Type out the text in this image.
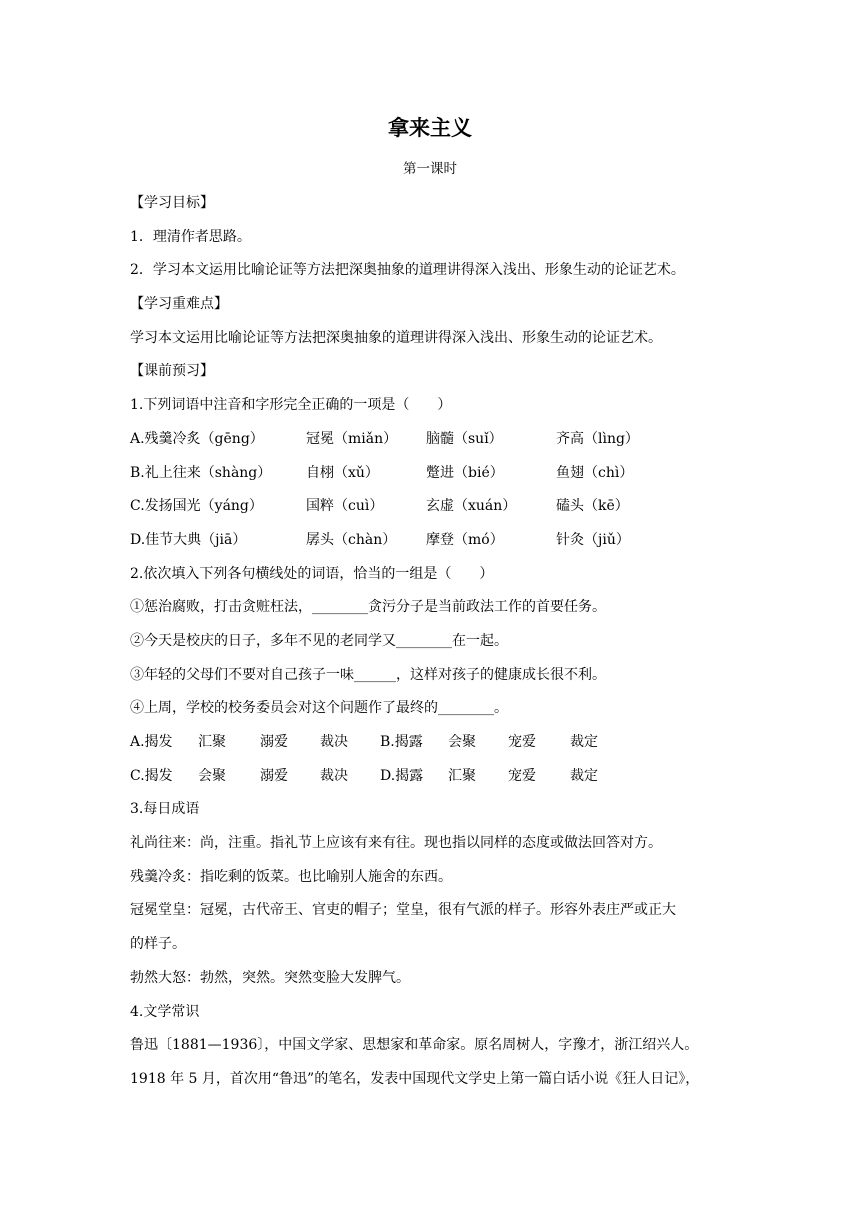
拿来主义
第一课时
【学习目标】
1．理清作者思路。
2．学习本文运用比喻论证等方法把深奥抽象的道理讲得深入浅出、形象生动的论证艺术。
【学习重难点】
学习本文运用比喻论证等方法把深奥抽象的道理讲得深入浅出、形象生动的论证艺术。
【课前预习】
1.下列词语中注音和字形完全正确的一项是（　　）
A.残羹冷炙（gēng）	冠冕（miǎn） 脑髓（suǐ）	齐高（lìng）
B.礼上往来（shàng） 自栩（xǔ）	蹩进（bié）	鱼翅（chì）
C.发扬国光（yáng）	国粹（cuì）	玄虚（xuán）	磕头（kē）
D.佳节大典（jiā）	孱头（chàn） 摩登（mó）	针灸（jiǔ）
2.依次填入下列各句横线处的词语，恰当的一组是（　　）
①惩治腐败，打击贪赃枉法，________贪污分子是当前政法工作的首要任务。
②今天是校庆的日子，多年不见的老同学又________在一起。
③年轻的父母们不要对自己孩子一味______，这样对孩子的健康成长很不利。
④上周，学校的校务委员会对这个问题作了最终的________。
A.揭发 汇聚 溺爱 裁决 B.揭露 会聚 宠爱 裁定
C.揭发 会聚 溺爱 裁决 D.揭露 汇聚 宠爱 裁定
3.每日成语
礼尚往来：尚，注重。指礼节上应该有来有往。现也指以同样的态度或做法回答对方。
残羹冷炙：指吃剩的饭菜。也比喻别人施舍的东西。
冠冕堂皇：冠冕，古代帝王、官吏的帽子；堂皇，很有气派的样子。形容外表庄严或正大
的样子。
勃然大怒：勃然，突然。突然变脸大发脾气。
4.文学常识
鲁迅〔1881—1936〕，中国文学家、思想家和革命家。原名周树人，字豫才，浙江绍兴人。
1918 年 5 月，首次用“鲁迅”的笔名，发表中国现代文学史上第一篇白话小说《狂人日记》，
